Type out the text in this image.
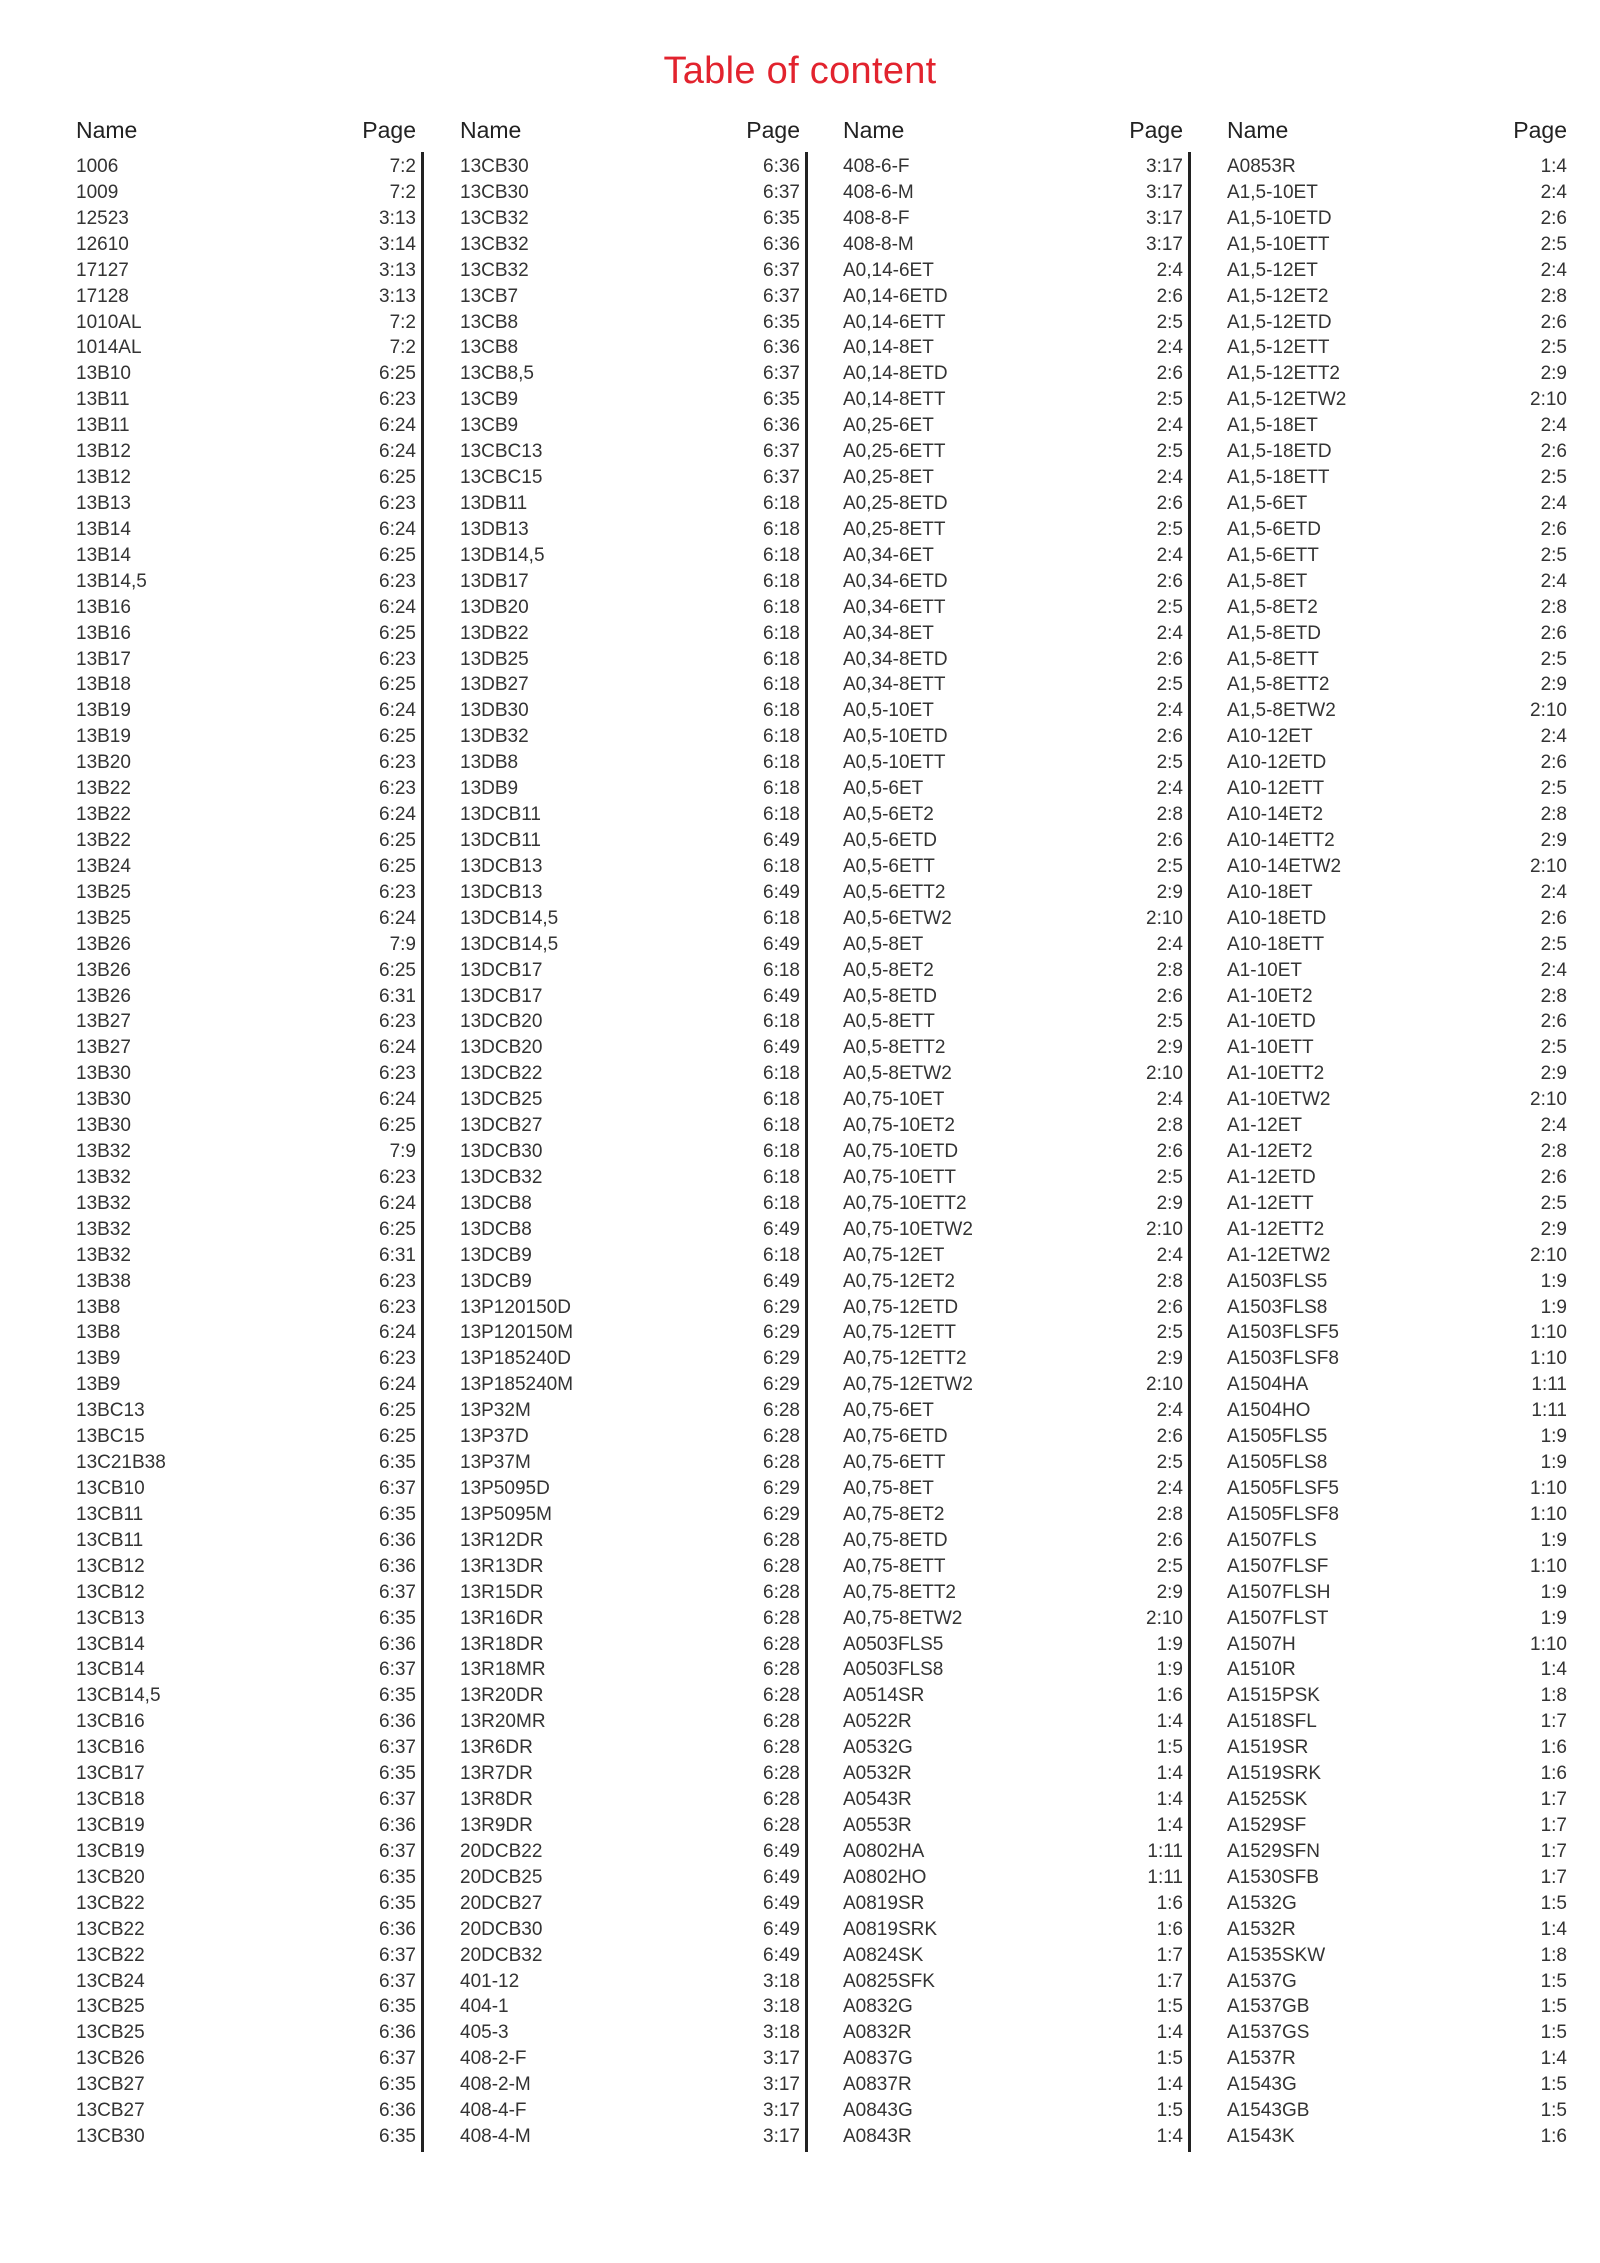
Table of content
Name	Page
1006	7:2
1009	7:2
12523	3:13
12610	3:14
17127	3:13
17128	3:13
1010AL	7:2
1014AL	7:2
13B10	6:25
13B11	6:23
13B11	6:24
13B12	6:24
13B12	6:25
13B13	6:23
13B14	6:24
13B14	6:25
13B14,5	6:23
13B16	6:24
13B16	6:25
13B17	6:23
13B18	6:25
13B19	6:24
13B19	6:25
13B20	6:23
13B22	6:23
13B22	6:24
13B22	6:25
13B24	6:25
13B25	6:23
13B25	6:24
13B26	7:9
13B26	6:25
13B26	6:31
13B27	6:23
13B27	6:24
13B30	6:23
13B30	6:24
13B30	6:25
13B32	7:9
13B32	6:23
13B32	6:24
13B32	6:25
13B32	6:31
13B38	6:23
13B8	6:23
13B8	6:24
13B9	6:23
13B9	6:24
13BC13	6:25
13BC15	6:25
13C21B38	6:35
13CB10	6:37
13CB11	6:35
13CB11	6:36
13CB12	6:36
13CB12	6:37
13CB13	6:35
13CB14	6:36
13CB14	6:37
13CB14,5	6:35
13CB16	6:36
13CB16	6:37
13CB17	6:35
13CB18	6:37
13CB19	6:36
13CB19	6:37
13CB20	6:35
13CB22	6:35
13CB22	6:36
13CB22	6:37
13CB24	6:37
13CB25	6:35
13CB25	6:36
13CB26	6:37
13CB27	6:35
13CB27	6:36
13CB30	6:35
Name	Page
13CB30	6:36
13CB30	6:37
13CB32	6:35
13CB32	6:36
13CB32	6:37
13CB7	6:37
13CB8	6:35
13CB8	6:36
13CB8,5	6:37
13CB9	6:35
13CB9	6:36
13CBC13	6:37
13CBC15	6:37
13DB11	6:18
13DB13	6:18
13DB14,5	6:18
13DB17	6:18
13DB20	6:18
13DB22	6:18
13DB25	6:18
13DB27	6:18
13DB30	6:18
13DB32	6:18
13DB8	6:18
13DB9	6:18
13DCB11	6:18
13DCB11	6:49
13DCB13	6:18
13DCB13	6:49
13DCB14,5	6:18
13DCB14,5	6:49
13DCB17	6:18
13DCB17	6:49
13DCB20	6:18
13DCB20	6:49
13DCB22	6:18
13DCB25	6:18
13DCB27	6:18
13DCB30	6:18
13DCB32	6:18
13DCB8	6:18
13DCB8	6:49
13DCB9	6:18
13DCB9	6:49
13P120150D	6:29
13P120150M	6:29
13P185240D	6:29
13P185240M	6:29
13P32M	6:28
13P37D	6:28
13P37M	6:28
13P5095D	6:29
13P5095M	6:29
13R12DR	6:28
13R13DR	6:28
13R15DR	6:28
13R16DR	6:28
13R18DR	6:28
13R18MR	6:28
13R20DR	6:28
13R20MR	6:28
13R6DR	6:28
13R7DR	6:28
13R8DR	6:28
13R9DR	6:28
20DCB22	6:49
20DCB25	6:49
20DCB27	6:49
20DCB30	6:49
20DCB32	6:49
401-12	3:18
404-1	3:18
405-3	3:18
408-2-F	3:17
408-2-M	3:17
408-4-F	3:17
408-4-M	3:17
Name	Page
408-6-F	3:17
408-6-M	3:17
408-8-F	3:17
408-8-M	3:17
A0,14-6ET	2:4
A0,14-6ETD	2:6
A0,14-6ETT	2:5
A0,14-8ET	2:4
A0,14-8ETD	2:6
A0,14-8ETT	2:5
A0,25-6ET	2:4
A0,25-6ETT	2:5
A0,25-8ET	2:4
A0,25-8ETD	2:6
A0,25-8ETT	2:5
A0,34-6ET	2:4
A0,34-6ETD	2:6
A0,34-6ETT	2:5
A0,34-8ET	2:4
A0,34-8ETD	2:6
A0,34-8ETT	2:5
A0,5-10ET	2:4
A0,5-10ETD	2:6
A0,5-10ETT	2:5
A0,5-6ET	2:4
A0,5-6ET2	2:8
A0,5-6ETD	2:6
A0,5-6ETT	2:5
A0,5-6ETT2	2:9
A0,5-6ETW2	2:10
A0,5-8ET	2:4
A0,5-8ET2	2:8
A0,5-8ETD	2:6
A0,5-8ETT	2:5
A0,5-8ETT2	2:9
A0,5-8ETW2	2:10
A0,75-10ET	2:4
A0,75-10ET2	2:8
A0,75-10ETD	2:6
A0,75-10ETT	2:5
A0,75-10ETT2	2:9
A0,75-10ETW2	2:10
A0,75-12ET	2:4
A0,75-12ET2	2:8
A0,75-12ETD	2:6
A0,75-12ETT	2:5
A0,75-12ETT2	2:9
A0,75-12ETW2	2:10
A0,75-6ET	2:4
A0,75-6ETD	2:6
A0,75-6ETT	2:5
A0,75-8ET	2:4
A0,75-8ET2	2:8
A0,75-8ETD	2:6
A0,75-8ETT	2:5
A0,75-8ETT2	2:9
A0,75-8ETW2	2:10
A0503FLS5	1:9
A0503FLS8	1:9
A0514SR	1:6
A0522R	1:4
A0532G	1:5
A0532R	1:4
A0543R	1:4
A0553R	1:4
A0802HA	1:11
A0802HO	1:11
A0819SR	1:6
A0819SRK	1:6
A0824SK	1:7
A0825SFK	1:7
A0832G	1:5
A0832R	1:4
A0837G	1:5
A0837R	1:4
A0843G	1:5
A0843R	1:4
Name	Page
A0853R	1:4
A1,5-10ET	2:4
A1,5-10ETD	2:6
A1,5-10ETT	2:5
A1,5-12ET	2:4
A1,5-12ET2	2:8
A1,5-12ETD	2:6
A1,5-12ETT	2:5
A1,5-12ETT2	2:9
A1,5-12ETW2	2:10
A1,5-18ET	2:4
A1,5-18ETD	2:6
A1,5-18ETT	2:5
A1,5-6ET	2:4
A1,5-6ETD	2:6
A1,5-6ETT	2:5
A1,5-8ET	2:4
A1,5-8ET2	2:8
A1,5-8ETD	2:6
A1,5-8ETT	2:5
A1,5-8ETT2	2:9
A1,5-8ETW2	2:10
A10-12ET	2:4
A10-12ETD	2:6
A10-12ETT	2:5
A10-14ET2	2:8
A10-14ETT2	2:9
A10-14ETW2	2:10
A10-18ET	2:4
A10-18ETD	2:6
A10-18ETT	2:5
A1-10ET	2:4
A1-10ET2	2:8
A1-10ETD	2:6
A1-10ETT	2:5
A1-10ETT2	2:9
A1-10ETW2	2:10
A1-12ET	2:4
A1-12ET2	2:8
A1-12ETD	2:6
A1-12ETT	2:5
A1-12ETT2	2:9
A1-12ETW2	2:10
A1503FLS5	1:9
A1503FLS8	1:9
A1503FLSF5	1:10
A1503FLSF8	1:10
A1504HA	1:11
A1504HO	1:11
A1505FLS5	1:9
A1505FLS8	1:9
A1505FLSF5	1:10
A1505FLSF8	1:10
A1507FLS	1:9
A1507FLSF	1:10
A1507FLSH	1:9
A1507FLST	1:9
A1507H	1:10
A1510R	1:4
A1515PSK	1:8
A1518SFL	1:7
A1519SR	1:6
A1519SRK	1:6
A1525SK	1:7
A1529SF	1:7
A1529SFN	1:7
A1530SFB	1:7
A1532G	1:5
A1532R	1:4
A1535SKW	1:8
A1537G	1:5
A1537GB	1:5
A1537GS	1:5
A1537R	1:4
A1543G	1:5
A1543GB	1:5
A1543K	1:6
